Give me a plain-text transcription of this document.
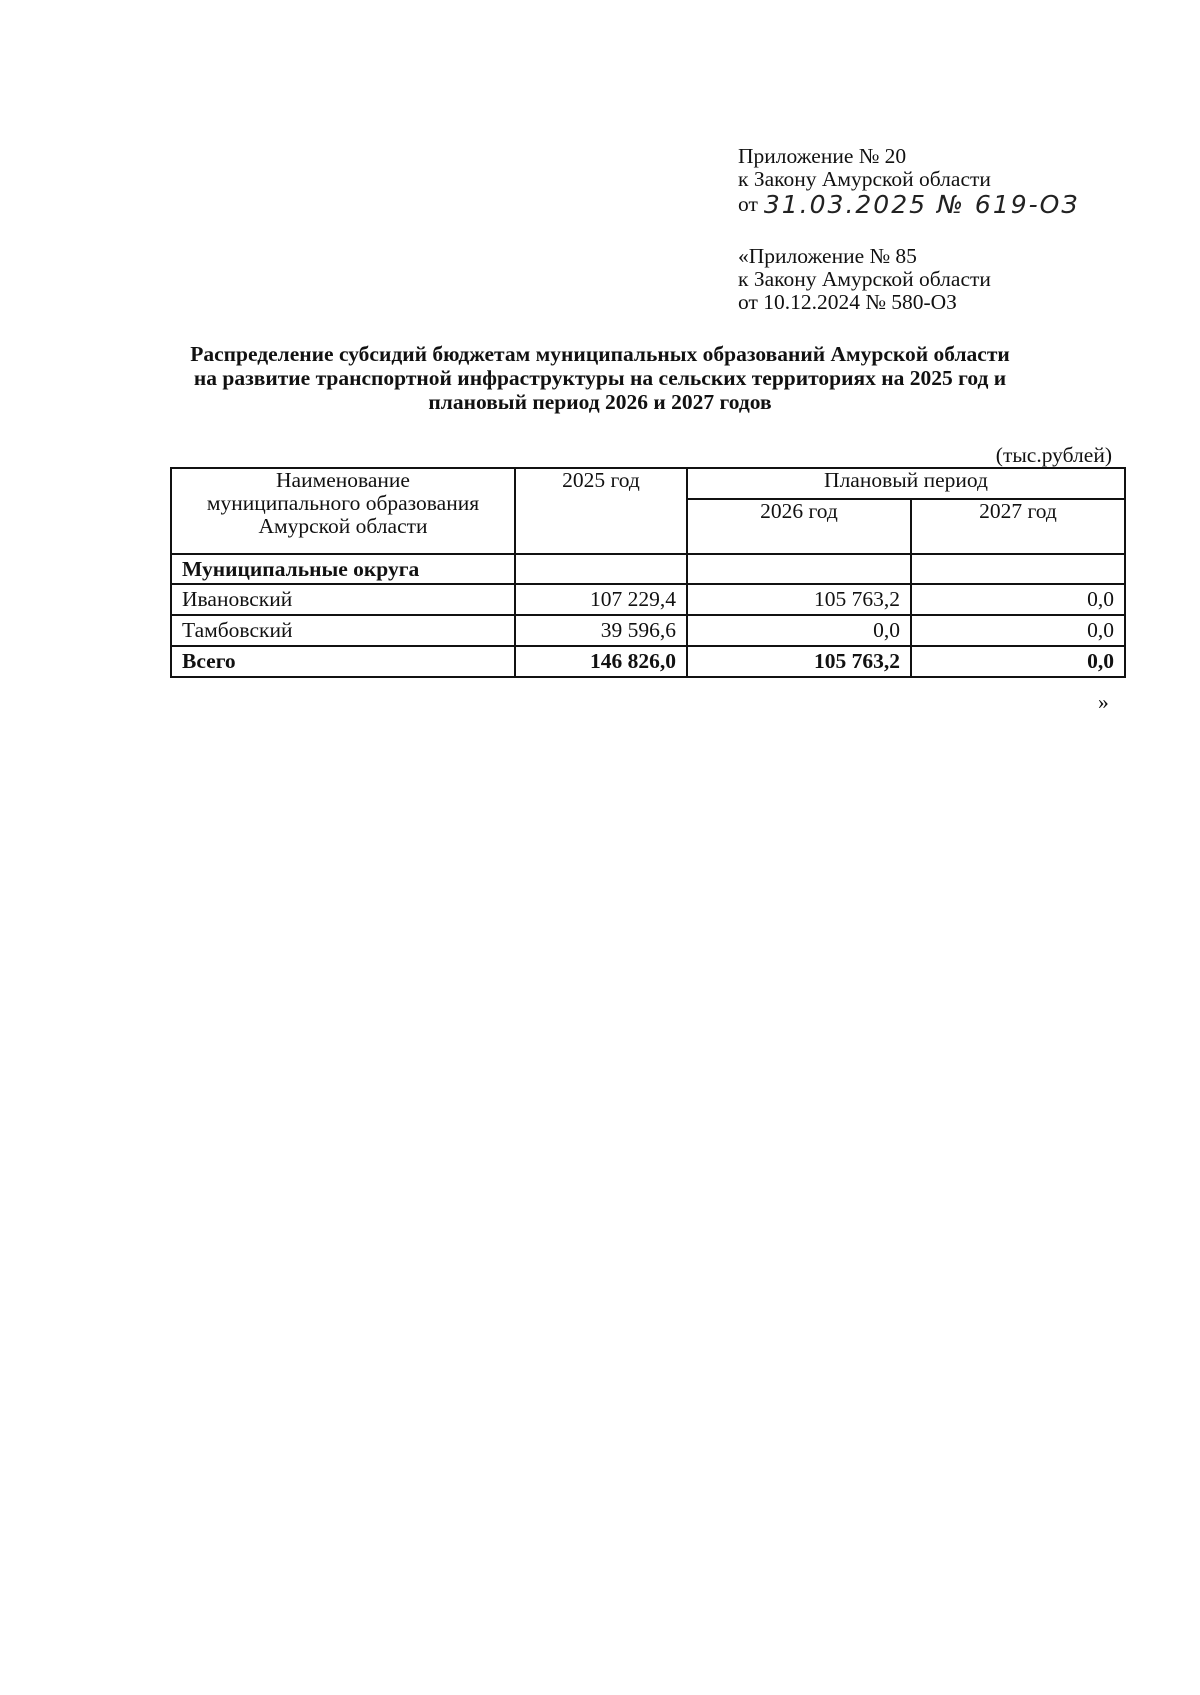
Приложение № 20
к Закону Амурской области
от 31.03.2025 № 619-ОЗ
«Приложение № 85
к Закону Амурской области
от 10.12.2024 № 580-ОЗ
Распределение субсидий бюджетам муниципальных образований Амурской области
на развитие транспортной инфраструктуры на сельских территориях на 2025 год и
плановый период 2026 и 2027 годов
(тыс.рублей)
Наименование
муниципального образования
Амурской области	2025 год	Плановый период	
		2026 год	2027 год
Муниципальные округа			
Ивановский	107 229,4	105 763,2	0,0
Тамбовский	39 596,6	0,0	0,0
Всего	146 826,0	105 763,2	0,0
»
